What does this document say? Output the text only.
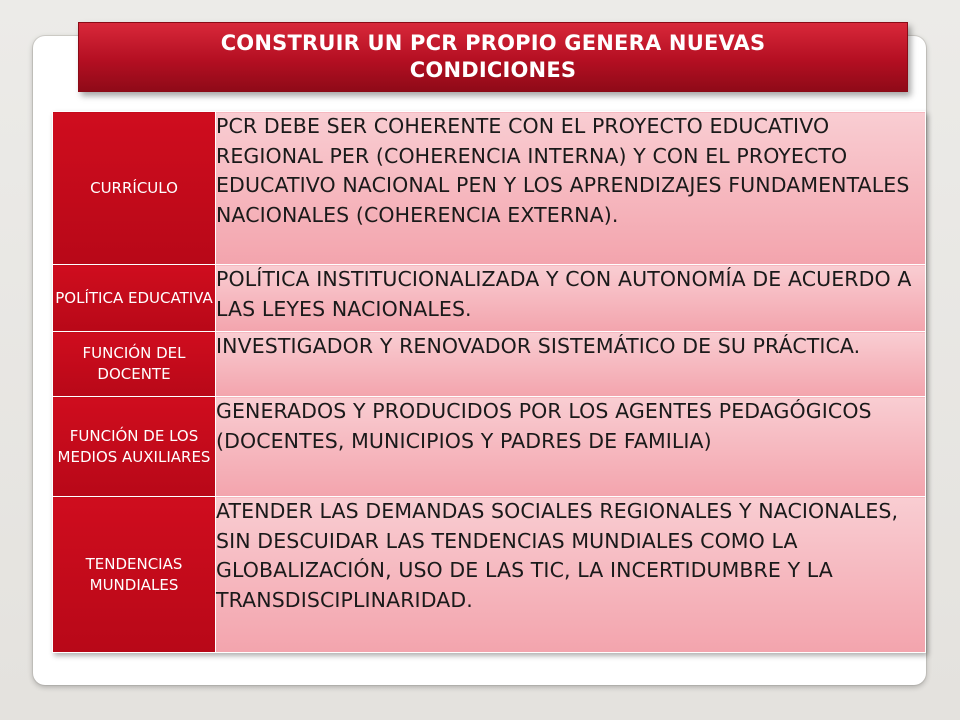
CONSTRUIR UN PCR PROPIO GENERA NUEVAS CONDICIONES
CURRÍCULO	PCR DEBE SER COHERENTE CON EL PROYECTO EDUCATIVO REGIONAL PER (COHERENCIA INTERNA) Y CON EL PROYECTO EDUCATIVO NACIONAL PEN Y LOS APRENDIZAJES FUNDAMENTALES NACIONALES (COHERENCIA EXTERNA).
POLÍTICA EDUCATIVA	POLÍTICA INSTITUCIONALIZADA Y CON AUTONOMÍA DE ACUERDO A LAS LEYES NACIONALES.
FUNCIÓN DEL DOCENTE	INVESTIGADOR Y RENOVADOR SISTEMÁTICO DE SU PRÁCTICA.
FUNCIÓN DE LOS MEDIOS AUXILIARES	GENERADOS Y PRODUCIDOS POR LOS AGENTES PEDAGÓGICOS (DOCENTES, MUNICIPIOS Y PADRES DE FAMILIA)
TENDENCIAS MUNDIALES	ATENDER LAS DEMANDAS SOCIALES REGIONALES Y NACIONALES, SIN DESCUIDAR LAS TENDENCIAS MUNDIALES COMO LA GLOBALIZACIÓN, USO DE LAS TIC, LA INCERTIDUMBRE Y LA TRANSDISCIPLINARIDAD.
